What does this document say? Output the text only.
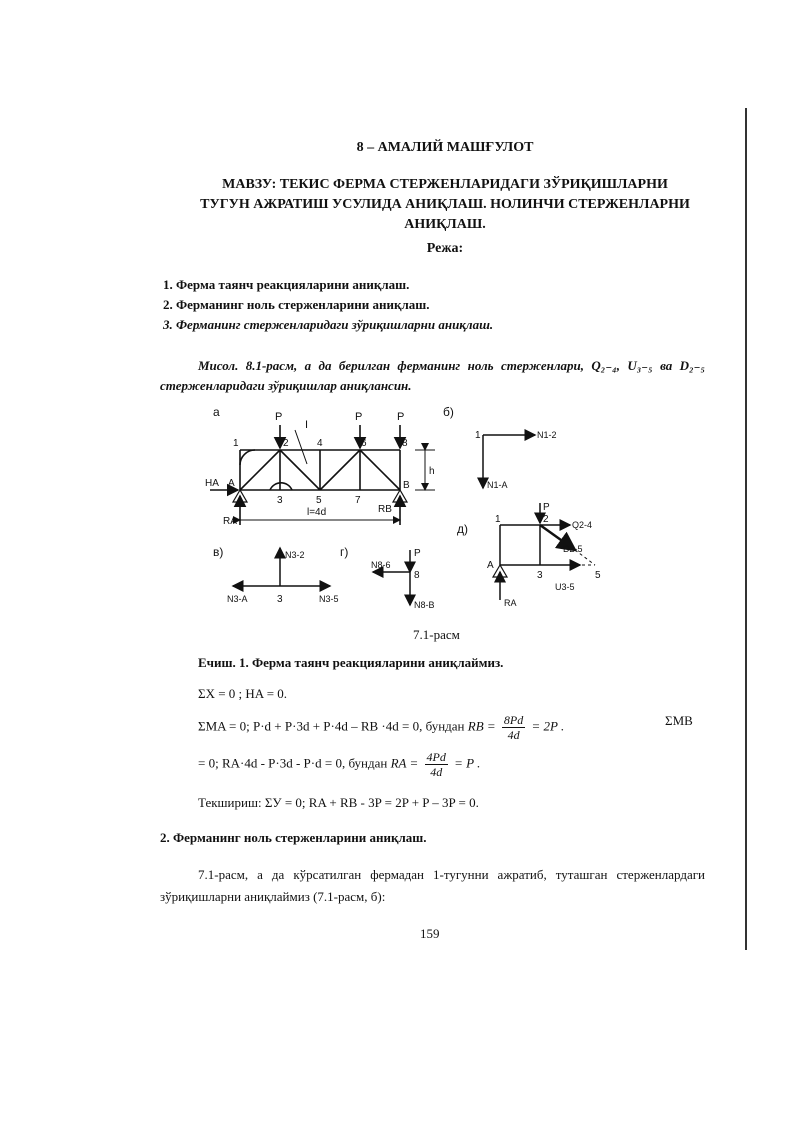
8 – АМАЛИЙ МАШҒУЛОТ
МАВЗУ: ТЕКИС ФЕРМА СТЕРЖЕНЛАРИДАГИ ЗЎРИҚИШЛАРНИ
ТУГУН АЖРАТИШ УСУЛИДА АНИҚЛАШ. НОЛИНЧИ СТЕРЖЕНЛАРНИ
АНИҚЛАШ.
Режа:
1. Ферма таянч реакцияларини аниқлаш.
2. Ферманинг ноль стерженларини аниқлаш.
3. Ферманинг стерженларидаги зўриқишларни аниқлаш.
Мисол. 8.1-расм, а да берилган ферманинг ноль стерженлари, Q₂₋₄, U₃₋₅ ва D₂₋₅ стерженларидаги зўриқишлар аниқлансин.
а	P	P	P
I
1	2	4	6	8
3	5	7
h
HA A	B
RA
RB
l=4d
б)
1	N1-2
N1-A
в)	N3-2
N3-A	3	N3-5
г)	P
N8-6
8
N8-B
д)
P
1	2	Q2-4
D2-5
A
3	5
U3-5
RA
7.1-расм
Ечиш. 1. Ферма таянч реакцияларини аниқлаймиз.
ΣX = 0 ; HA = 0.
ΣMA = 0; P·d + P·3d + P·4d – RB ·4d = 0, бундан RB = $\frac{8Pd}{4d} = 2P$ .	ΣMB
= 0; RA·4d - P·3d - P·d = 0, бундан RA = $\frac{4Pd}{4d} = P$ .
Текшириш: ΣУ = 0; RA + RB - 3P = 2P + P – 3P = 0.
2. Ферманинг ноль стерженларини аниқлаш.
7.1-расм, а да кўрсатилган фермадан 1-тугунни ажратиб, туташган стерженлардаги зўриқишларни аниқлаймиз (7.1-расм, б):
159
